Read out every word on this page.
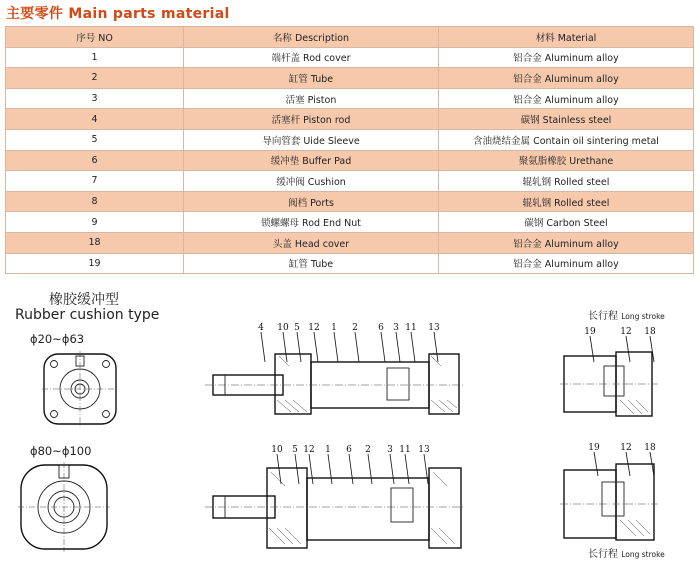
主要零件 Main parts material
序号 NO	名称 Description	材料 Material
1	端杆盖 Rod cover	铝合金 Aluminum alloy
2	缸管 Tube	铝合金 Aluminum alloy
3	活塞 Piston	铝合金 Aluminum alloy
4	活塞杆 Piston rod	碳钢 Stainless steel
5	导向管套 Uide Sleeve	含油烧结金属 Contain oil sintering metal
6	缓冲垫 Buffer Pad	聚氨脂橡胶 Urethane
7	缓冲阀 Cushion	辊轧钢 Rolled steel
8	阀档 Ports	辊轧钢 Rolled steel
9	锁螺螺母 Rod End Nut	碳钢 Carbon Steel
18	头盖 Head cover	铝合金 Aluminum alloy
19	缸管 Tube	铝合金 Aluminum alloy
橡胶缓冲型
Rubber cushion type
ϕ20~ϕ63
ϕ80~ϕ100
长行程 Long stroke
长行程 Long stroke
4 10 5 12 1 2 6 3 11 13	19	12 18
10 5 12 1 6 2 3 11 13	19 12 18
